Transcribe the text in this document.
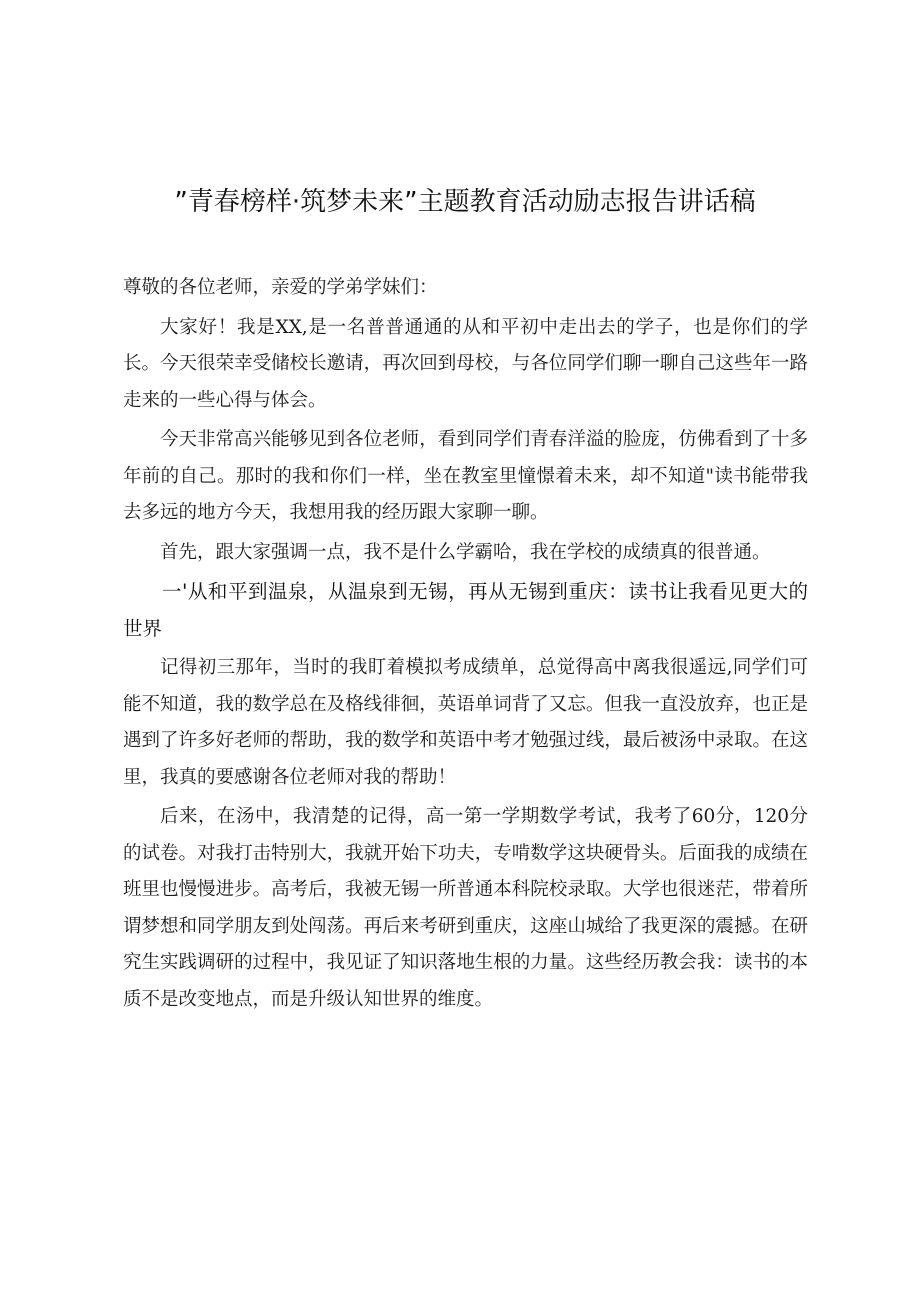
”青春榜样·筑梦未来”主题教育活动励志报告讲话稿

尊敬的各位老师，亲爱的学弟学妹们：

大家好！我是XX,是一名普普通通的从和平初中走出去的学子，也是你们的学长。今天很荣幸受储校长邀请，再次回到母校，与各位同学们聊一聊自己这些年一路走来的一些心得与体会。

今天非常高兴能够见到各位老师，看到同学们青春洋溢的脸庞，仿佛看到了十多年前的自己。那时的我和你们一样，坐在教室里憧憬着未来，却不知道"读书能带我去多远的地方今天，我想用我的经历跟大家聊一聊。

首先，跟大家强调一点，我不是什么学霸哈，我在学校的成绩真的很普通。

一'从和平到温泉，从温泉到无锡，再从无锡到重庆：读书让我看见更大的世界

记得初三那年，当时的我盯着模拟考成绩单，总觉得高中离我很遥远,同学们可能不知道，我的数学总在及格线徘徊，英语单词背了又忘。但我一直没放弃，也正是遇到了许多好老师的帮助，我的数学和英语中考才勉强过线，最后被汤中录取。在这里，我真的要感谢各位老师对我的帮助！

后来，在汤中，我清楚的记得，高一第一学期数学考试，我考了60分，120分的试卷。对我打击特别大，我就开始下功夫，专啃数学这块硬骨头。后面我的成绩在班里也慢慢进步。高考后，我被无锡一所普通本科院校录取。大学也很迷茫，带着所谓梦想和同学朋友到处闯荡。再后来考研到重庆，这座山城给了我更深的震撼。在研究生实践调研的过程中，我见证了知识落地生根的力量。这些经历教会我：读书的本质不是改变地点，而是升级认知世界的维度。
